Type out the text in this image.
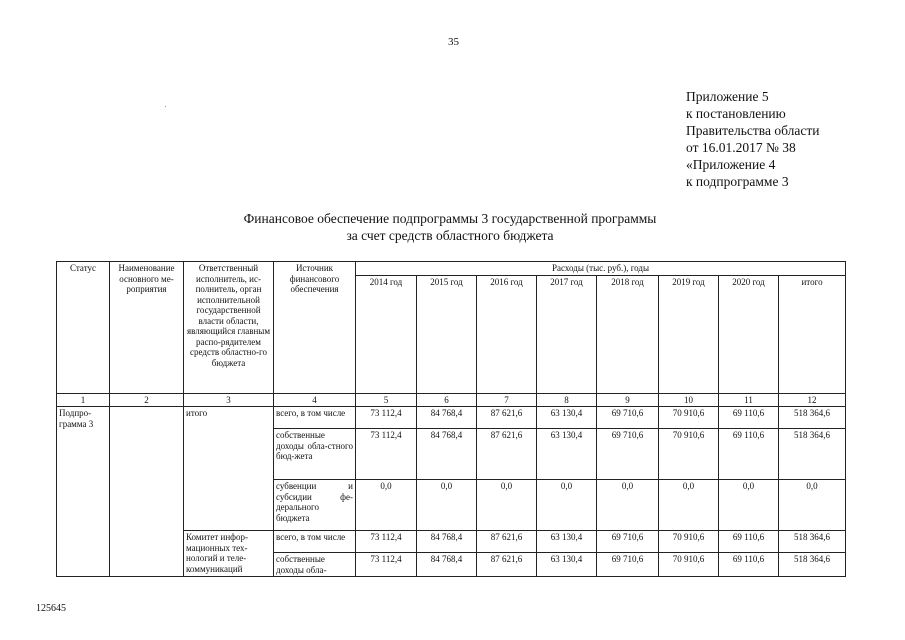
35
Приложение 5
к постановлению
Правительства области
от 16.01.2017 № 38
«Приложение 4
к подпрограмме 3
Финансовое обеспечение подпрограммы 3 государственной программы
за счет средств областного бюджета
Статус	Наименование основного ме-роприятия	Ответственный исполнитель, ис-полнитель, орган исполнительной государственной власти области, являющийся главным распо-рядителем средств областно-го бюджета	Источник финансового обеспечения	Расходы (тыс. руб.), годы							
				2014 год	2015 год	2016 год	2017 год	2018 год	2019 год	2020 год	итого
1	2	3	4	5	6	7	8	9	10	11	12
Подпро-грамма 3		итого	всего, в том числе	73 112,4	84 768,4	87 621,6	63 130,4	69 710,6	70 910,6	69 110,6	518 364,6
			собственные доходы обла-стного бюд-жета	73 112,4	84 768,4	87 621,6	63 130,4	69 710,6	70 910,6	69 110,6	518 364,6
			субвенции и субсидии фе-дерального бюджета	0,0	0,0	0,0	0,0	0,0	0,0	0,0	0,0
		Комитет инфор-мационных тех-нологий и теле-коммуникаций	всего, в том числе	73 112,4	84 768,4	87 621,6	63 130,4	69 710,6	70 910,6	69 110,6	518 364,6
			собственные доходы обла-	73 112,4	84 768,4	87 621,6	63 130,4	69 710,6	70 910,6	69 110,6	518 364,6
125645
